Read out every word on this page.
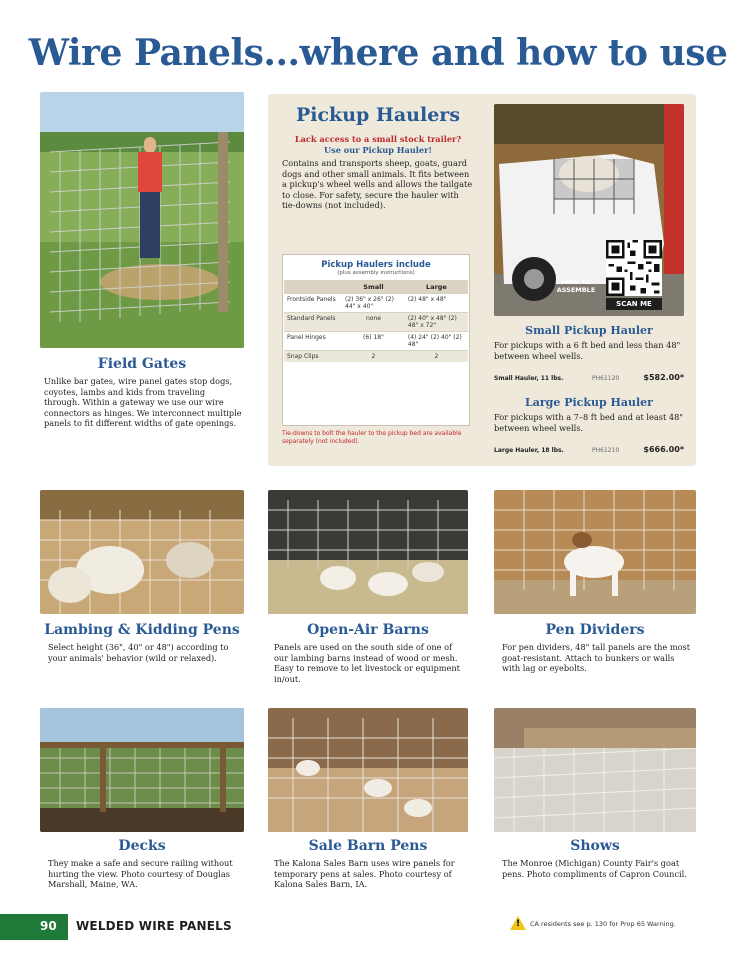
Wire Panels...where and how to use
Field Gates
Unlike bar gates, wire panel gates stop dogs, coyotes, lambs and kids from traveling through. Within a gateway we use our wire connectors as hinges. We interconnect multiple panels to fit different widths of gate openings.
Pickup Haulers
Lack access to a small stock trailer?
Use our Pickup Hauler!
Contains and transports sheep, goats, guard dogs and other small animals. It fits between a pickup's wheel wells and allows the tailgate to close. For safety, secure the hauler with tie-downs (not included).
Pickup Haulers include
(plus assembly instructions)
	Small	Large
Frontside Panels	(2) 36" x 26" (2) 44" x 40"	(2) 48" x 48"
Standard Panels	none	(2) 40" x 48" (2) 48" x 72"
Panel Hinges	(6) 18"	(4) 24" (2) 40" (2) 48"
Snap Clips	2	2
Tie-downs to bolt the hauler to the pickup bed are available separately (not included).
HOW TO ASSEMBLE
SCAN ME
Small Pickup Hauler
For pickups with a 6 ft bed and less than 48" between wheel wells.
Small Hauler, 11 lbs.	PH61120	$582.00*
Large Pickup Hauler
For pickups with a 7–8 ft bed and at least 48" between wheel wells.
Large Hauler, 18 lbs.	PH61210	$666.00*
Lambing & Kidding Pens
Select height (36", 40" or 48") according to your animals' behavior (wild or relaxed).
Open-Air Barns
Panels are used on the south side of one of our lambing barns instead of wood or mesh. Easy to remove to let livestock or equipment in/out.
Pen Dividers
For pen dividers, 48" tall panels are the most goat-resistant. Attach to bunkers or walls with lag or eyebolts.
Decks
They make a safe and secure railing without hurting the view. Photo courtesy of Douglas Marshall, Maine, WA.
Sale Barn Pens
The Kalona Sales Barn uses wire panels for temporary pens at sales. Photo courtesy of Kalona Sales Barn, IA.
Shows
The Monroe (Michigan) County Fair's goat pens. Photo compliments of Capron Council.
90 WELDED WIRE PANELS	! CA residents see p. 130 for Prop 65 Warning.
